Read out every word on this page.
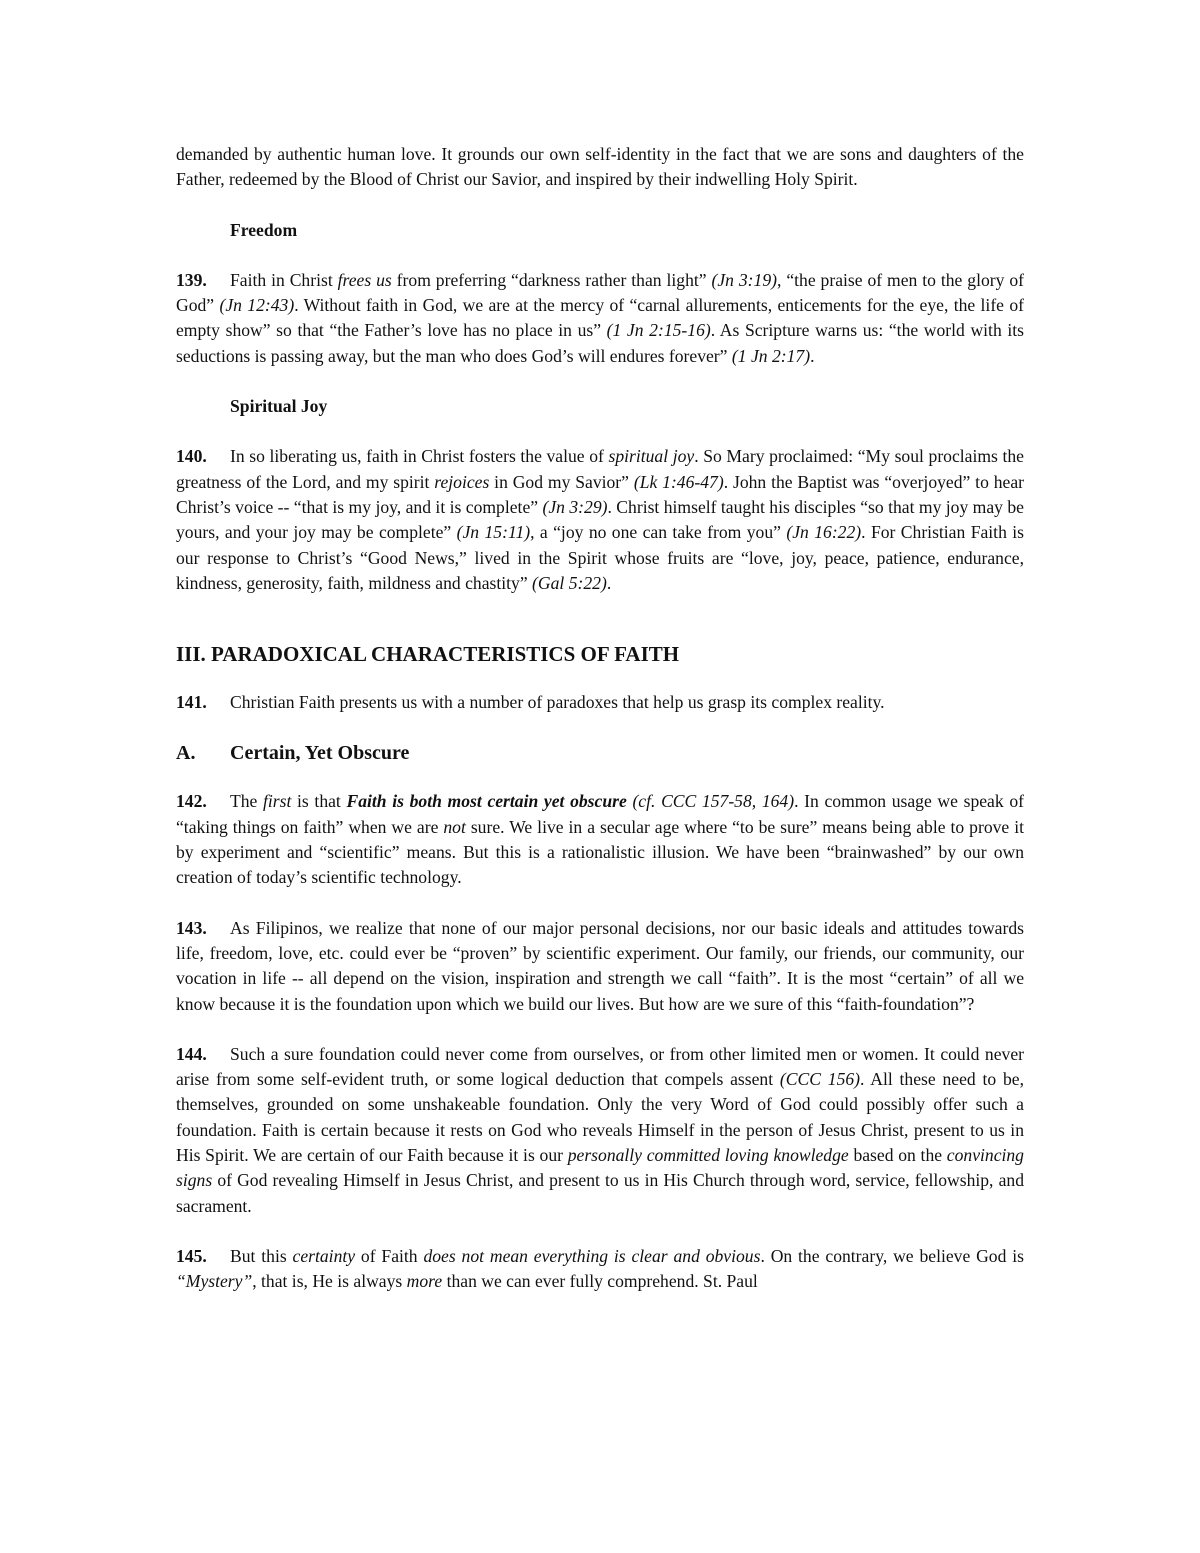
demanded by authentic human love. It grounds our own self-identity in the fact that we are sons and daughters of the Father, redeemed by the Blood of Christ our Savior, and inspired by their indwelling Holy Spirit.

Freedom

139. Faith in Christ frees us from preferring “darkness rather than light” (Jn 3:19), “the praise of men to the glory of God” (Jn 12:43). Without faith in God, we are at the mercy of “carnal allurements, enticements for the eye, the life of empty show” so that “the Father’s love has no place in us” (1 Jn 2:15-16). As Scripture warns us: “the world with its seductions is passing away, but the man who does God’s will endures forever” (1 Jn 2:17).

Spiritual Joy

140. In so liberating us, faith in Christ fosters the value of spiritual joy. So Mary proclaimed: “My soul proclaims the greatness of the Lord, and my spirit rejoices in God my Savior” (Lk 1:46-47). John the Baptist was “overjoyed” to hear Christ’s voice -- “that is my joy, and it is complete” (Jn 3:29). Christ himself taught his disciples “so that my joy may be yours, and your joy may be complete” (Jn 15:11), a “joy no one can take from you” (Jn 16:22). For Christian Faith is our response to Christ’s “Good News,” lived in the Spirit whose fruits are “love, joy, peace, patience, endurance, kindness, generosity, faith, mildness and chastity” (Gal 5:22).

III. PARADOXICAL CHARACTERISTICS OF FAITH

141. Christian Faith presents us with a number of paradoxes that help us grasp its complex reality.

A. Certain, Yet Obscure

142. The first is that Faith is both most certain yet obscure (cf. CCC 157-58, 164). In common usage we speak of “taking things on faith” when we are not sure. We live in a secular age where “to be sure” means being able to prove it by experiment and “scientific” means. But this is a rationalistic illusion. We have been “brainwashed” by our own creation of today’s scientific technology.

143. As Filipinos, we realize that none of our major personal decisions, nor our basic ideals and attitudes towards life, freedom, love, etc. could ever be “proven” by scientific experiment. Our family, our friends, our community, our vocation in life -- all depend on the vision, inspiration and strength we call “faith”. It is the most “certain” of all we know because it is the foundation upon which we build our lives. But how are we sure of this “faith-foundation”?

144. Such a sure foundation could never come from ourselves, or from other limited men or women. It could never arise from some self-evident truth, or some logical deduction that compels assent (CCC 156). All these need to be, themselves, grounded on some unshakeable foundation. Only the very Word of God could possibly offer such a foundation. Faith is certain because it rests on God who reveals Himself in the person of Jesus Christ, present to us in His Spirit. We are certain of our Faith because it is our personally committed loving knowledge based on the convincing signs of God revealing Himself in Jesus Christ, and present to us in His Church through word, service, fellowship, and sacrament.

145. But this certainty of Faith does not mean everything is clear and obvious. On the contrary, we believe God is “Mystery”, that is, He is always more than we can ever fully comprehend. St. Paul
